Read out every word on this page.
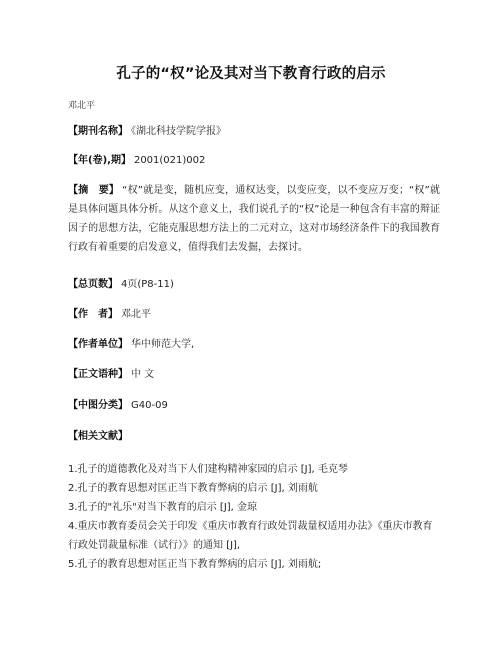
孔子的“权”论及其对当下教育行政的启示
邓北平
【期刊名称】 《湖北科技学院学报》
【年(卷),期】 2001(021)002
【摘　要】 “权”就是变，随机应变，通权达变，以变应变，以不变应万变；“权”就是具体问题具体分析。从这个意义上，我们说孔子的“权”论是一种包含有丰富的辩证因子的思想方法，它能克服思想方法上的二元对立，这对市场经济条件下的我国教育行政有着重要的启发意义，值得我们去发掘，去探讨。
【总页数】 4页(P8-11)
【作　者】 邓北平
【作者单位】 华中师范大学,
【正文语种】 中 文
【中图分类】 G40-09
【相关文献】

1.孔子的道德教化及对当下人们建构精神家园的启示 [J], 毛克琴

2.孔子的教育思想对匡正当下教育弊病的启示 [J], 刘雨航

3.孔子的"礼乐"对当下教育的启示 [J], 金琼

4.重庆市教育委员会关于印发《重庆市教育行政处罚裁量权适用办法》《重庆市教育行政处罚裁量标准（试行）》的通知 [J],

5.孔子的教育思想对匡正当下教育弊病的启示 [J], 刘雨航;
